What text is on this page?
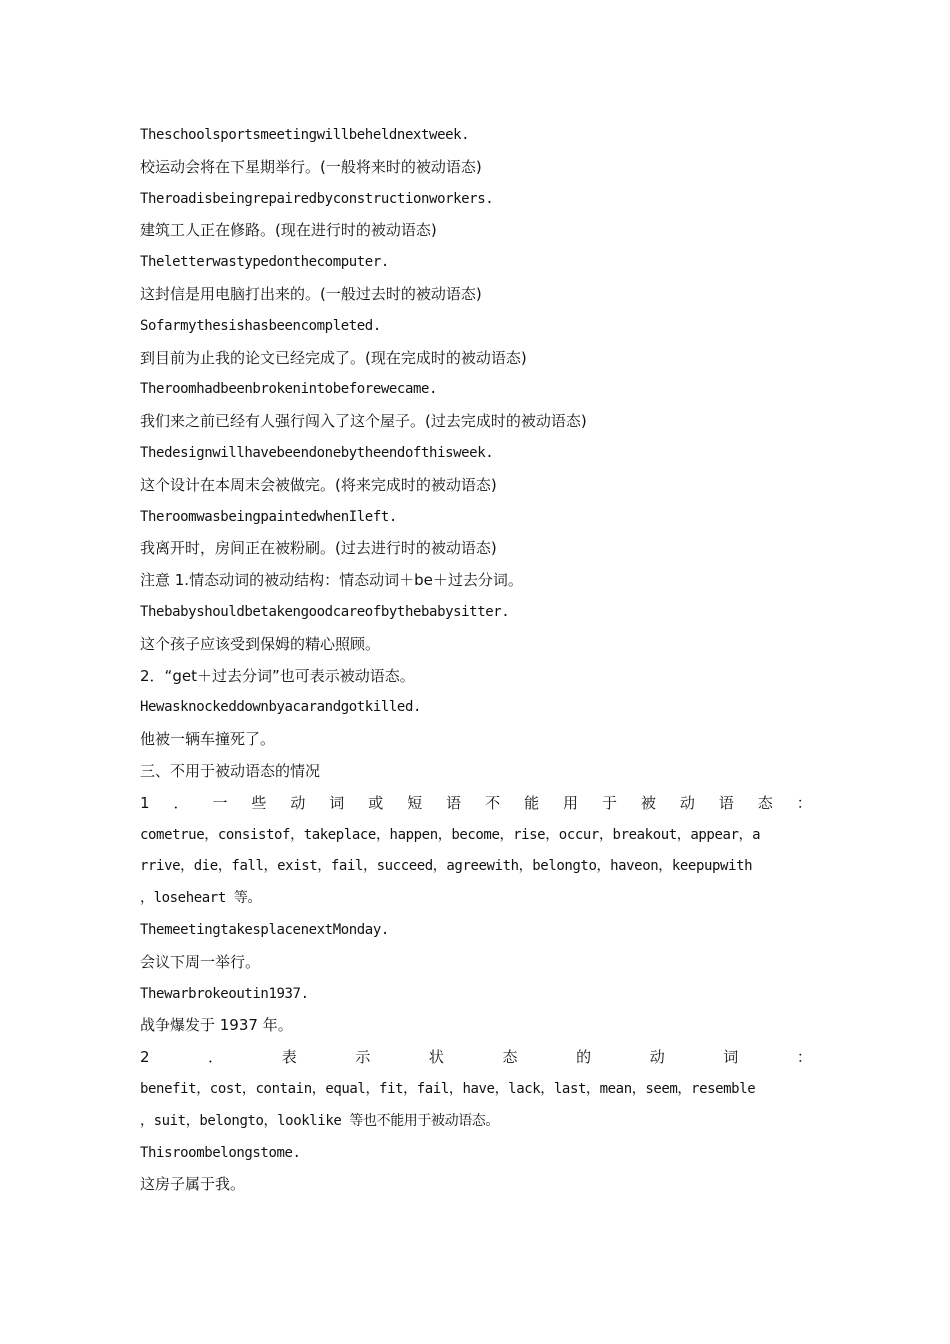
Theschoolsportsmeetingwillbeheldnextweek.
校运动会将在下星期举行。(一般将来时的被动语态)
Theroadisbeingrepairedbyconstructionworkers.
建筑工人正在修路。(现在进行时的被动语态)
Theletterwastypedonthecomputer.
这封信是用电脑打出来的。(一般过去时的被动语态)
Sofarmythesishasbeencompleted.
到目前为止我的论文已经完成了。(现在完成时的被动语态)
Theroomhadbeenbrokenintobeforewecame.
我们来之前已经有人强行闯入了这个屋子。(过去完成时的被动语态)
Thedesignwillhavebeendonebytheendofthisweek.
这个设计在本周末会被做完。(将来完成时的被动语态)
TheroomwasbeingpaintedwhenIleft.
我离开时，房间正在被粉刷。(过去进行时的被动语态)
注意 1.情态动词的被动结构：情态动词＋be＋过去分词。
Thebabyshouldbetakengoodcareofbythebabysitter.
这个孩子应该受到保姆的精心照顾。
2．“get＋过去分词”也可表示被动语态。
Hewasknockeddownbyacarandgotkilled.
他被一辆车撞死了。
三、不用于被动语态的情况
1 ． 一 些 动 词 或 短 语 不 能 用 于 被 动 语 态 ：
cometrue，consistof，takeplace，happen，become，rise，occur，breakout，appear，a
rrive，die，fall，exist，fail，succeed，agreewith，belongto，haveon，keepupwith
，loseheart 等。
ThemeetingtakesplacenextMonday.
会议下周一举行。
Thewarbrokeoutin1937.
战争爆发于 1937 年。
2	．	表	示	状	态	的	动	词	：
benefit，cost，contain，equal，fit，fail，have，lack，last，mean，seem，resemble
，suit，belongto，looklike 等也不能用于被动语态。
Thisroombelongstome.
这房子属于我。
